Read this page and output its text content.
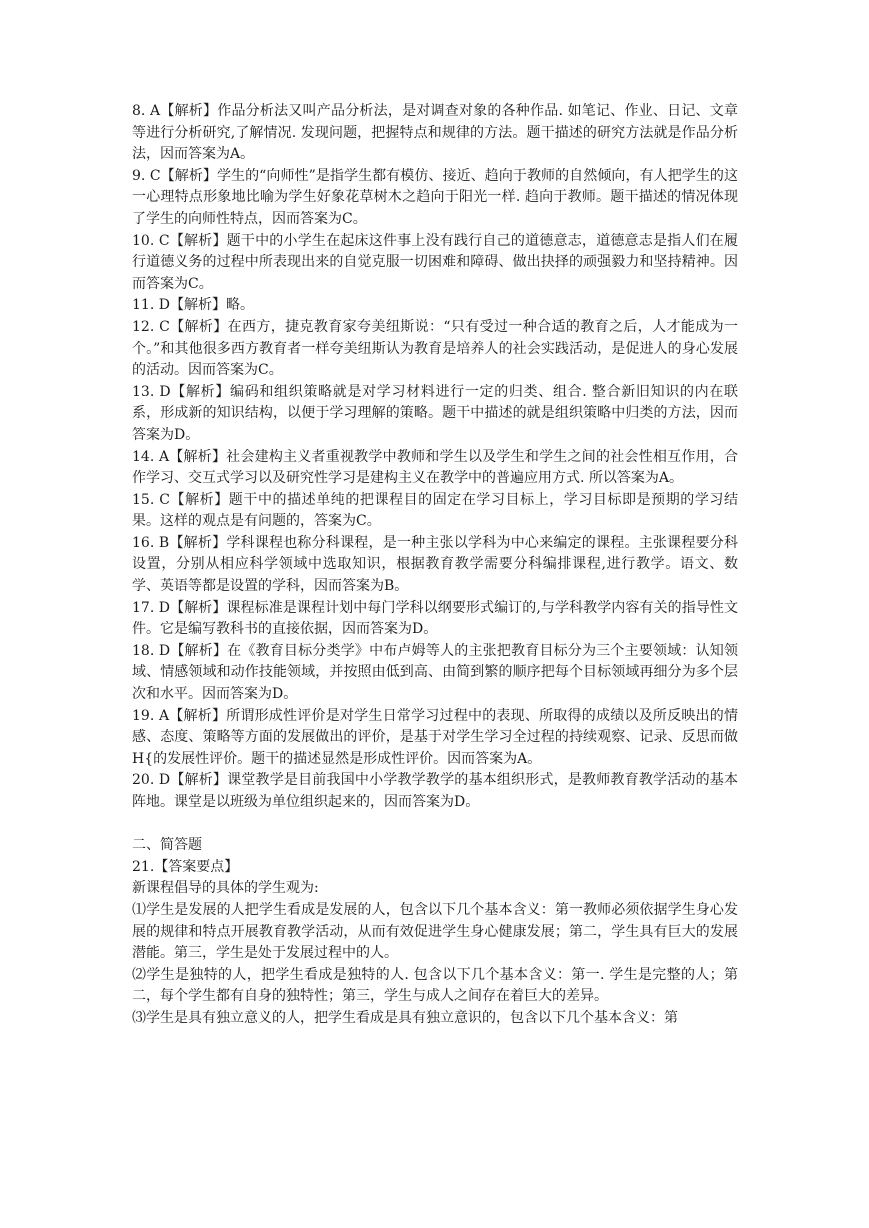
8. A【解析】作品分析法又叫产品分析法，是对调查对象的各种作品. 如笔记、作业、日记、文章等进行分析研究,了解情况. 发现问题，把握特点和规律的方法。题干描述的研究方法就是作品分析法，因而答案为A。

9. C【解析】学生的“向师性”是指学生都有模仿、接近、趋向于教师的自然倾向，有人把学生的这一心理特点形象地比喻为学生好象花草树木之趋向于阳光一样. 趋向于教师。题干描述的情况体现了学生的向师性特点，因而答案为C。

10. C【解析】题干中的小学生在起床这件事上没有践行自己的道德意志，道德意志是指人们在履行道德义务的过程中所表现出来的自觉克服一切困难和障碍、做出抉择的顽强毅力和坚持精神。因而答案为C。

11. D【解析】略。

12. C【解析】在西方，捷克教育家夸美纽斯说：“只有受过一种合适的教育之后，人才能成为一个。”和其他很多西方教育者一样夸美纽斯认为教育是培养人的社会实践活动，是促进人的身心发展的活动。因而答案为C。

13. D【解析】编码和组织策略就是对学习材料进行一定的归类、组合. 整合新旧知识的内在联系，形成新的知识结构，以便于学习理解的策略。题干中描述的就是组织策略中归类的方法，因而答案为D。

14. A【解析】社会建构主义者重视教学中教师和学生以及学生和学生之间的社会性相互作用，合作学习、交互式学习以及研究性学习是建构主义在教学中的普遍应用方式. 所以答案为A。

15. C【解析】题干中的描述单纯的把课程目的固定在学习目标上，学习目标即是预期的学习结果。这样的观点是有问题的，答案为C。

16. B【解析】学科课程也称分科课程，是一种主张以学科为中心来编定的课程。主张课程要分科设置，分别从相应科学领域中选取知识，根据教育教学需要分科编排课程,进行教学。语文、数学、英语等都是设置的学科，因而答案为B。

17. D【解析】课程标准是课程计划中每门学科以纲要形式编订的,与学科教学内容有关的指导性文件。它是编写教科书的直接依据，因而答案为D。

18. D【解析】在《教育目标分类学》中布卢姆等人的主张把教育目标分为三个主要领域：认知领域、情感领域和动作技能领域，并按照由低到高、由简到繁的顺序把每个目标领域再细分为多个层次和水平。因而答案为D。

19. A【解析】所谓形成性评价是对学生日常学习过程中的表现、所取得的成绩以及所反映出的情感、态度、策略等方面的发展做出的评价，是基于对学生学习全过程的持续观察、记录、反思而做H{的发展性评价。题干的描述显然是形成性评价。因而答案为A。

20. D【解析】课堂教学是目前我国中小学教学教学的基本组织形式，是教师教育教学活动的基本阵地。课堂是以班级为单位组织起来的，因而答案为D。

二、简答题

21.【答案要点】

新课程倡导的具体的学生观为:

⑴学生是发展的人把学生看成是发展的人，包含以下几个基本含义：第一教师必须依据学生身心发展的规律和特点开展教育教学活动，从而有效促进学生身心健康发展；第二，学生具有巨大的发展潜能。第三，学生是处于发展过程中的人。

⑵学生是独特的人，把学生看成是独特的人. 包含以下几个基本含义：第一. 学生是完整的人；第二，每个学生都有自身的独特性；第三，学生与成人之间存在着巨大的差异。

⑶学生是具有独立意义的人，把学生看成是具有独立意识的，包含以下几个基本含义：第
